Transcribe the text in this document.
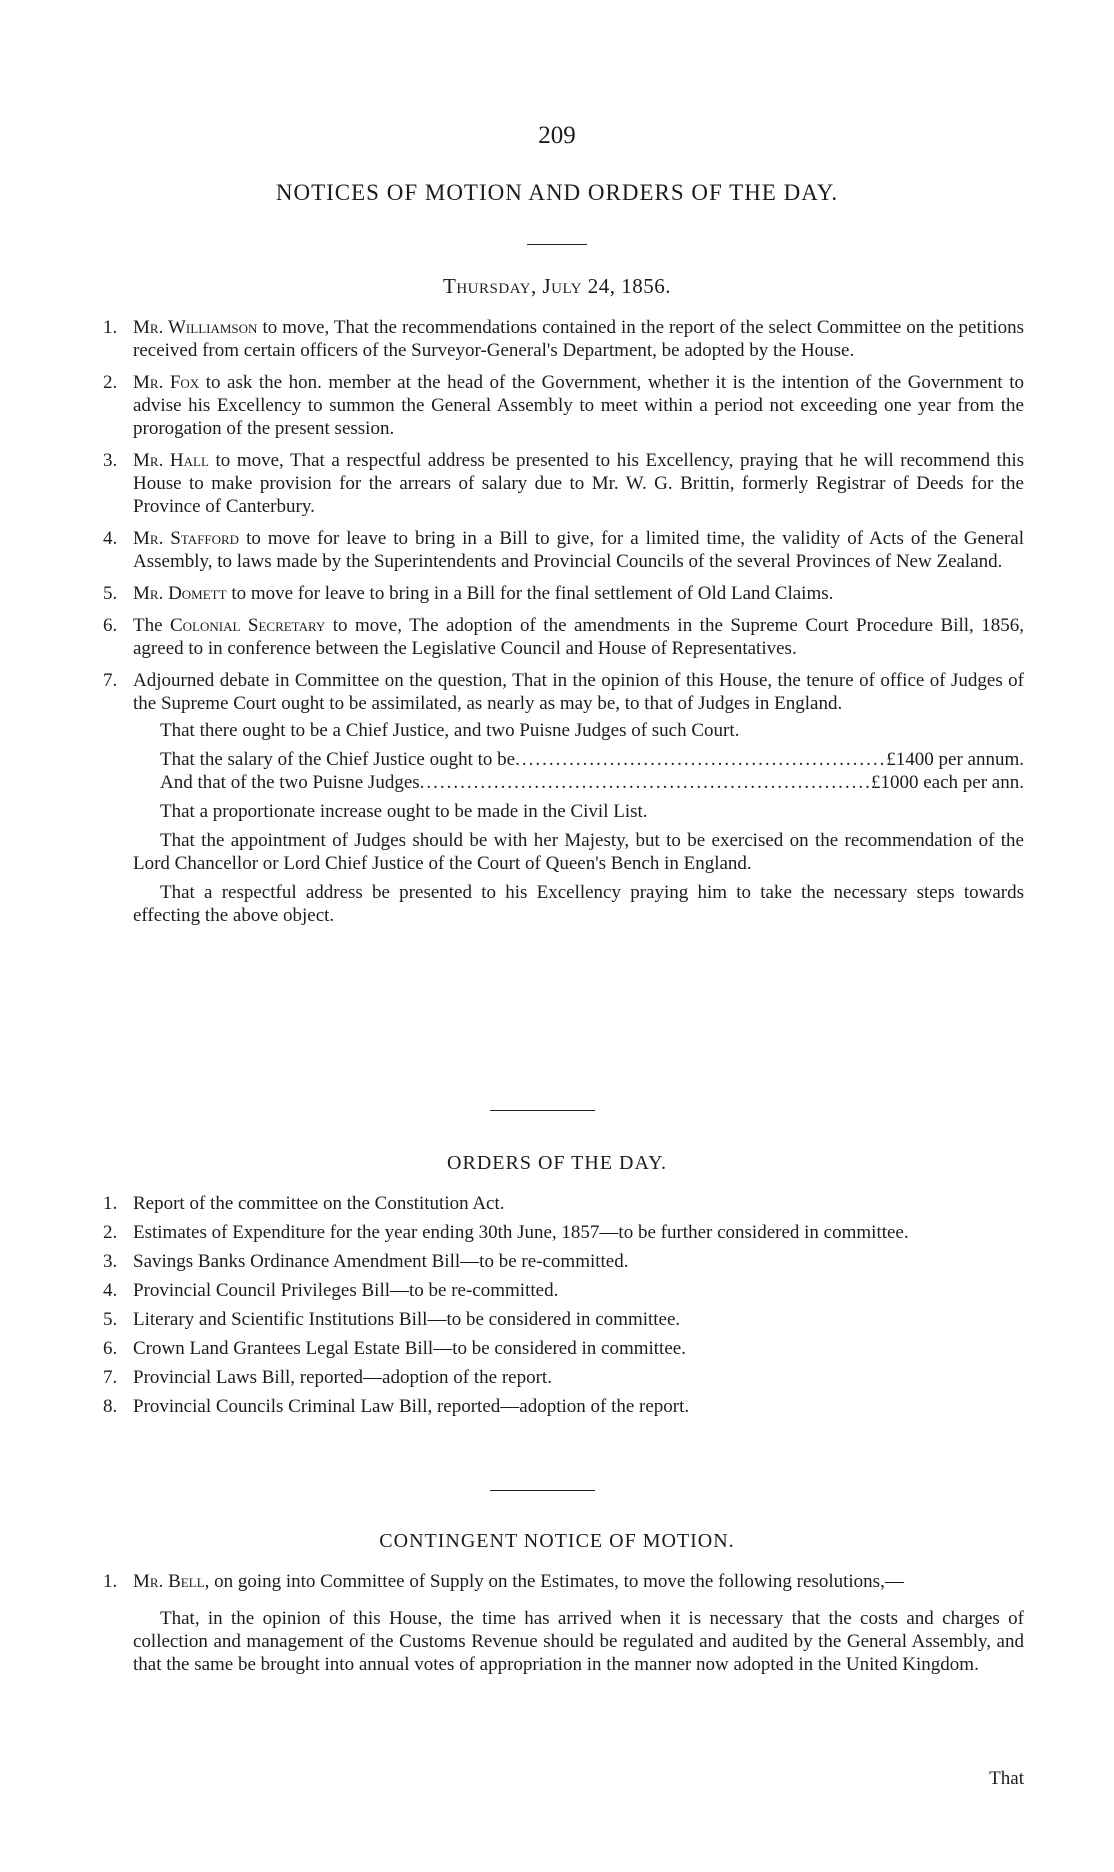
209
NOTICES OF MOTION AND ORDERS OF THE DAY.
Thursday, July 24, 1856.
1. Mr. Williamson to move, That the recommendations contained in the report of the select Committee on the petitions received from certain officers of the Surveyor-General's Department, be adopted by the House.
2. Mr. Fox to ask the hon. member at the head of the Government, whether it is the intention of the Government to advise his Excellency to summon the General Assembly to meet within a period not exceeding one year from the prorogation of the present session.
3. Mr. Hall to move, That a respectful address be presented to his Excellency, praying that he will recommend this House to make provision for the arrears of salary due to Mr. W. G. Brittin, formerly Registrar of Deeds for the Province of Canterbury.
4. Mr. Stafford to move for leave to bring in a Bill to give, for a limited time, the validity of Acts of the General Assembly, to laws made by the Superintendents and Provincial Councils of the several Provinces of New Zealand.
5. Mr. Domett to move for leave to bring in a Bill for the final settlement of Old Land Claims.
6. The Colonial Secretary to move, The adoption of the amendments in the Supreme Court Procedure Bill, 1856, agreed to in conference between the Legislative Council and House of Representatives.
7. Adjourned debate in Committee on the question, That in the opinion of this House, the tenure of office of Judges of the Supreme Court ought to be assimilated, as nearly as may be, to that of Judges in England.
That there ought to be a Chief Justice, and two Puisne Judges of such Court.
That the salary of the Chief Justice ought to be .....	£1400 per annum.
And that of the two Puisne Judges .....	£1000 each per ann.
That a proportionate increase ought to be made in the Civil List.
That the appointment of Judges should be with her Majesty, but to be exercised on the recommendation of the Lord Chancellor or Lord Chief Justice of the Court of Queen's Bench in England.
That a respectful address be presented to his Excellency praying him to take the necessary steps towards effecting the above object.
ORDERS OF THE DAY.
1. Report of the committee on the Constitution Act.
2. Estimates of Expenditure for the year ending 30th June, 1857—to be further considered in committee.
3. Savings Banks Ordinance Amendment Bill—to be re-committed.
4. Provincial Council Privileges Bill—to be re-committed.
5. Literary and Scientific Institutions Bill—to be considered in committee.
6. Crown Land Grantees Legal Estate Bill—to be considered in committee.
7. Provincial Laws Bill, reported—adoption of the report.
8. Provincial Councils Criminal Law Bill, reported—adoption of the report.
CONTINGENT NOTICE OF MOTION.
1. Mr. Bell, on going into Committee of Supply on the Estimates, to move the following resolutions,—
That, in the opinion of this House, the time has arrived when it is necessary that the costs and charges of collection and management of the Customs Revenue should be regulated and audited by the General Assembly, and that the same be brought into annual votes of appropriation in the manner now adopted in the United Kingdom.
That
